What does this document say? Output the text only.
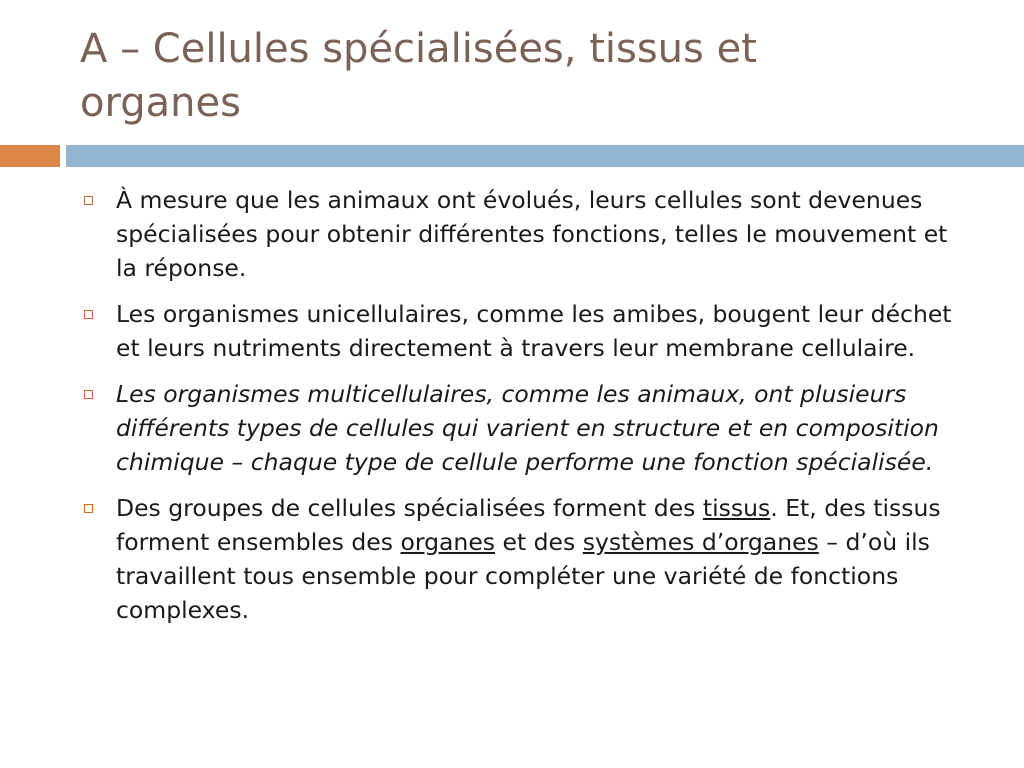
A – Cellules spécialisées, tissus et
organes
À mesure que les animaux ont évolués, leurs cellules sont devenues spécialisées pour obtenir différentes fonctions, telles le mouvement et la réponse.
Les organismes unicellulaires, comme les amibes, bougent leur déchet et leurs nutriments directement à travers leur membrane cellulaire.
Les organismes multicellulaires, comme les animaux, ont plusieurs différents types de cellules qui varient en structure et en composition chimique – chaque type de cellule performe une fonction spécialisée.
Des groupes de cellules spécialisées forment des tissus. Et, des tissus forment ensembles des organes et des systèmes d’organes – d’où ils travaillent tous ensemble pour compléter une variété de fonctions complexes.
